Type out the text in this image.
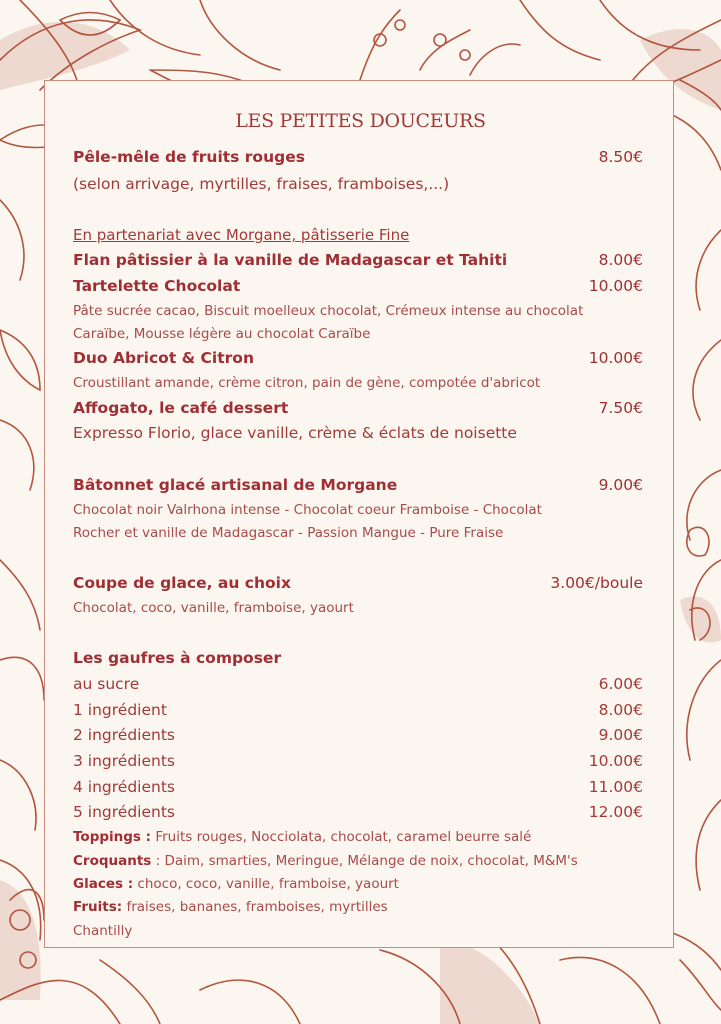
LES PETITES DOUCEURS
Pêle-mêle de fruits rouges	8.50€
(selon arrivage, myrtilles, fraises, framboises,...)
En partenariat avec Morgane, pâtisserie Fine
Flan pâtissier à la vanille de Madagascar et Tahiti	8.00€
Tartelette Chocolat	10.00€
Pâte sucrée cacao, Biscuit moelleux chocolat, Crémeux intense au chocolat
Caraïbe, Mousse légère au chocolat Caraïbe
Duo Abricot & Citron	10.00€
Croustillant amande, crème citron, pain de gène, compotée d'abricot
Affogato, le café dessert	7.50€
Expresso Florio, glace vanille, crème & éclats de noisette
Bâtonnet glacé artisanal de Morgane	9.00€
Chocolat noir Valrhona intense - Chocolat coeur Framboise - Chocolat
Rocher et vanille de Madagascar - Passion Mangue - Pure Fraise
Coupe de glace, au choix	3.00€/boule
Chocolat, coco, vanille, framboise, yaourt
Les gaufres à composer
au sucre	6.00€
1 ingrédient	8.00€
2 ingrédients	9.00€
3 ingrédients	10.00€
4 ingrédients	11.00€
5 ingrédients	12.00€
Toppings : Fruits rouges, Nocciolata, chocolat, caramel beurre salé
Croquants : Daim, smarties, Meringue, Mélange de noix, chocolat, M&M's
Glaces : choco, coco, vanille, framboise, yaourt
Fruits: fraises, bananes, framboises, myrtilles
Chantilly
